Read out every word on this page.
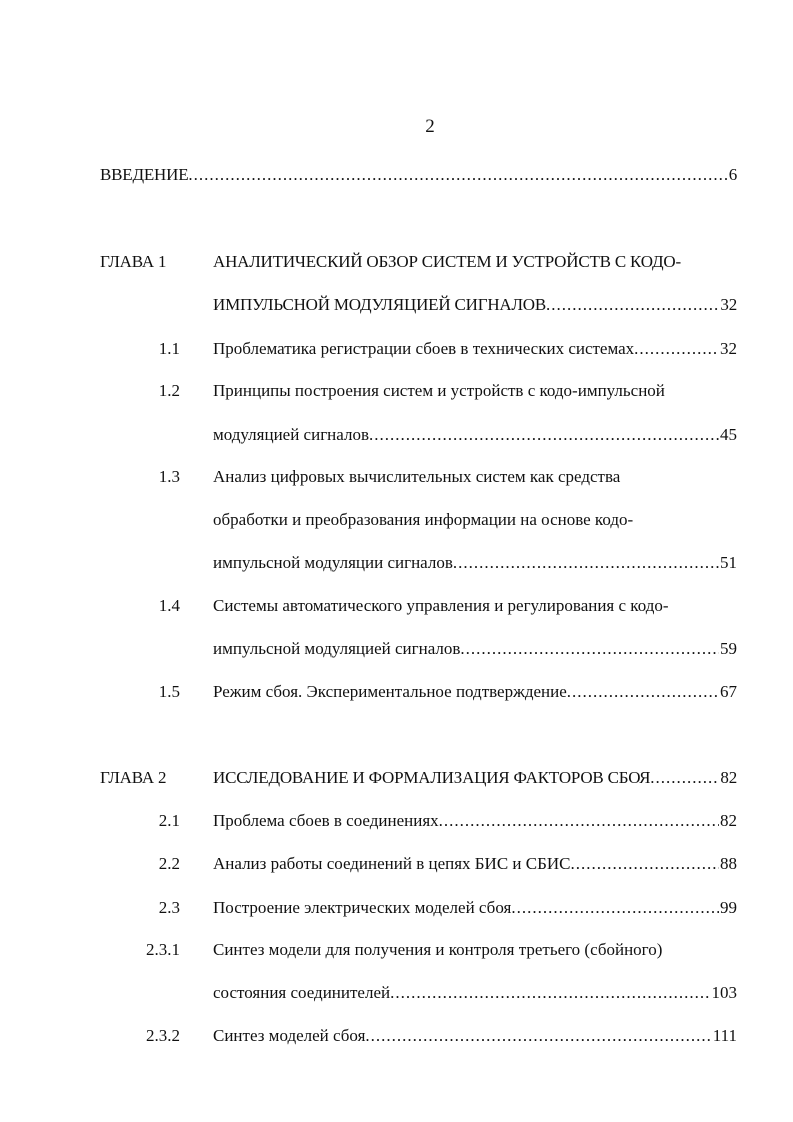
2
ВВЕДЕНИЕ .....	6
ГЛАВА 1	АНАЛИТИЧЕСКИЙ ОБЗОР СИСТЕМ И УСТРОЙСТВ С КОДО-
ИМПУЛЬСНОЙ МОДУЛЯЦИЕЙ СИГНАЛОВ .....	32
1.1 Проблематика регистрации сбоев в технических системах .....	32
1.2 Принципы построения систем и устройств с кодо-импульсной
модуляцией сигналов .....	45
1.3 Анализ цифровых вычислительных систем как средства
обработки и преобразования информации на основе кодо-
импульсной модуляции сигналов .....	51
1.4 Системы автоматического управления и регулирования с кодо-
импульсной модуляцией сигналов .....	59
1.5 Режим сбоя. Экспериментальное подтверждение .....	67
ГЛАВА 2	ИССЛЕДОВАНИЕ И ФОРМАЛИЗАЦИЯ ФАКТОРОВ СБОЯ .....	82
2.1 Проблема сбоев в соединениях .....	82
2.2 Анализ работы соединений в цепях БИС и СБИС .....	88
2.3 Построение электрических моделей сбоя .....	99
2.3.1 Синтез модели для получения и контроля третьего (сбойного)
состояния соединителей .....	103
2.3.2 Синтез моделей сбоя .....	111
